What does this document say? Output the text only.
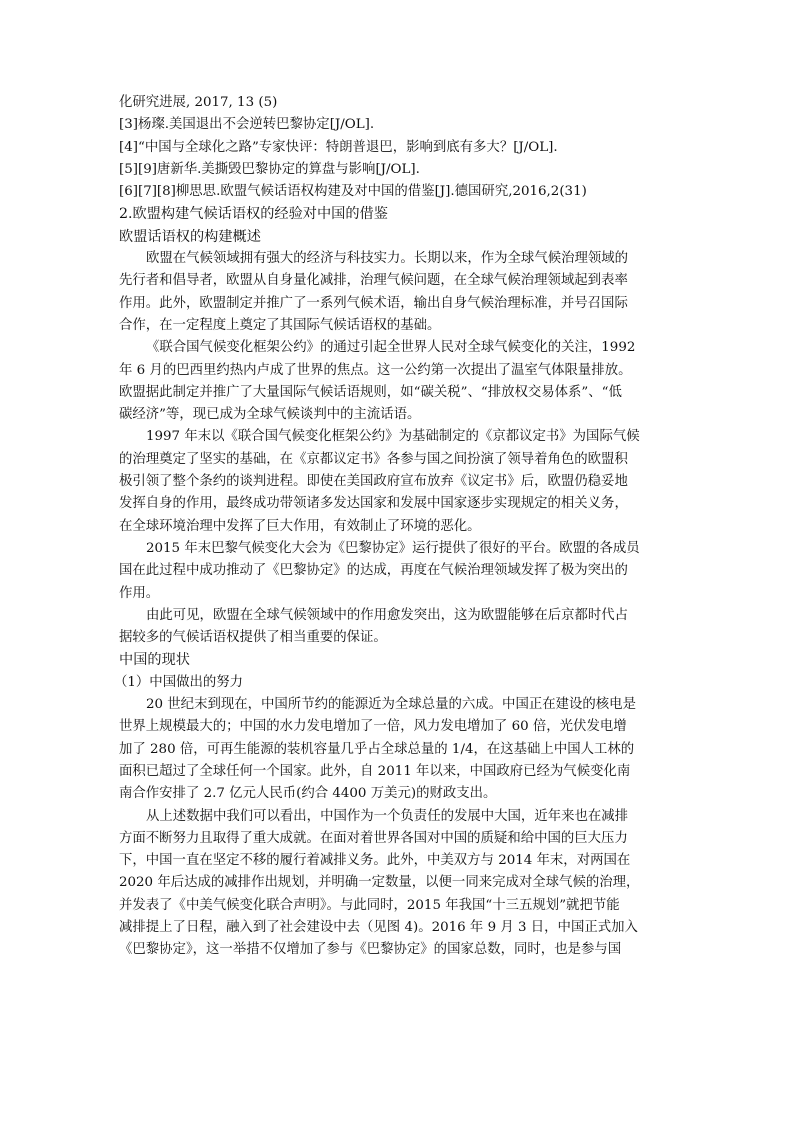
化研究进展, 2017, 13 (5)

[3]杨璨.美国退出不会逆转巴黎协定[J/OL].

[4]“中国与全球化之路”专家快评：特朗普退巴，影响到底有多大？[J/OL].

[5][9]唐新华.美撕毁巴黎协定的算盘与影响[J/OL].

[6][7][8]柳思思.欧盟气候话语权构建及对中国的借鉴[J].德国研究,2016,2(31)

2.欧盟构建气候话语权的经验对中国的借鉴

欧盟话语权的构建概述

欧盟在气候领域拥有强大的经济与科技实力。长期以来，作为全球气候治理领域的
先行者和倡导者，欧盟从自身量化减排，治理气候问题，在全球气候治理领域起到表率
作用。此外，欧盟制定并推广了一系列气候术语，输出自身气候治理标准，并号召国际
合作，在一定程度上奠定了其国际气候话语权的基础。

《联合国气候变化框架公约》的通过引起全世界人民对全球气候变化的关注，1992
年 6 月的巴西里约热内卢成了世界的焦点。这一公约第一次提出了温室气体限量排放。
欧盟据此制定并推广了大量国际气候话语规则，如“碳关税”、“排放权交易体系”、“低
碳经济”等，现已成为全球气候谈判中的主流话语。

1997 年末以《联合国气候变化框架公约》为基础制定的《京都议定书》为国际气候
的治理奠定了坚实的基础，在《京都议定书》各参与国之间扮演了领导着角色的欧盟积
极引领了整个条约的谈判进程。即使在美国政府宣布放弃《议定书》后，欧盟仍稳妥地
发挥自身的作用，最终成功带领诸多发达国家和发展中国家逐步实现规定的相关义务，
在全球环境治理中发挥了巨大作用，有效制止了环境的恶化。

2015 年末巴黎气候变化大会为《巴黎协定》运行提供了很好的平台。欧盟的各成员
国在此过程中成功推动了《巴黎协定》的达成，再度在气候治理领域发挥了极为突出的
作用。

由此可见，欧盟在全球气候领域中的作用愈发突出，这为欧盟能够在后京都时代占
据较多的气候话语权提供了相当重要的保证。

中国的现状

（1）中国做出的努力

20 世纪末到现在，中国所节约的能源近为全球总量的六成。中国正在建设的核电是
世界上规模最大的；中国的水力发电增加了一倍，风力发电增加了 60 倍，光伏发电增
加了 280 倍，可再生能源的装机容量几乎占全球总量的 1/4，在这基础上中国人工林的
面积已超过了全球任何一个国家。此外，自 2011 年以来，中国政府已经为气候变化南
南合作安排了 2.7 亿元人民币(约合 4400 万美元)的财政支出。

从上述数据中我们可以看出，中国作为一个负责任的发展中大国，近年来也在减排
方面不断努力且取得了重大成就。在面对着世界各国对中国的质疑和给中国的巨大压力
下，中国一直在坚定不移的履行着减排义务。此外，中美双方与 2014 年末，对两国在
2020 年后达成的减排作出规划，并明确一定数量，以便一同来完成对全球气候的治理，
并发表了《中美气候变化联合声明》。与此同时，2015 年我国“十三五规划”就把节能
减排提上了日程，融入到了社会建设中去（见图 4)。2016 年 9 月 3 日，中国正式加入
《巴黎协定》，这一举措不仅增加了参与《巴黎协定》的国家总数，同时，也是参与国
